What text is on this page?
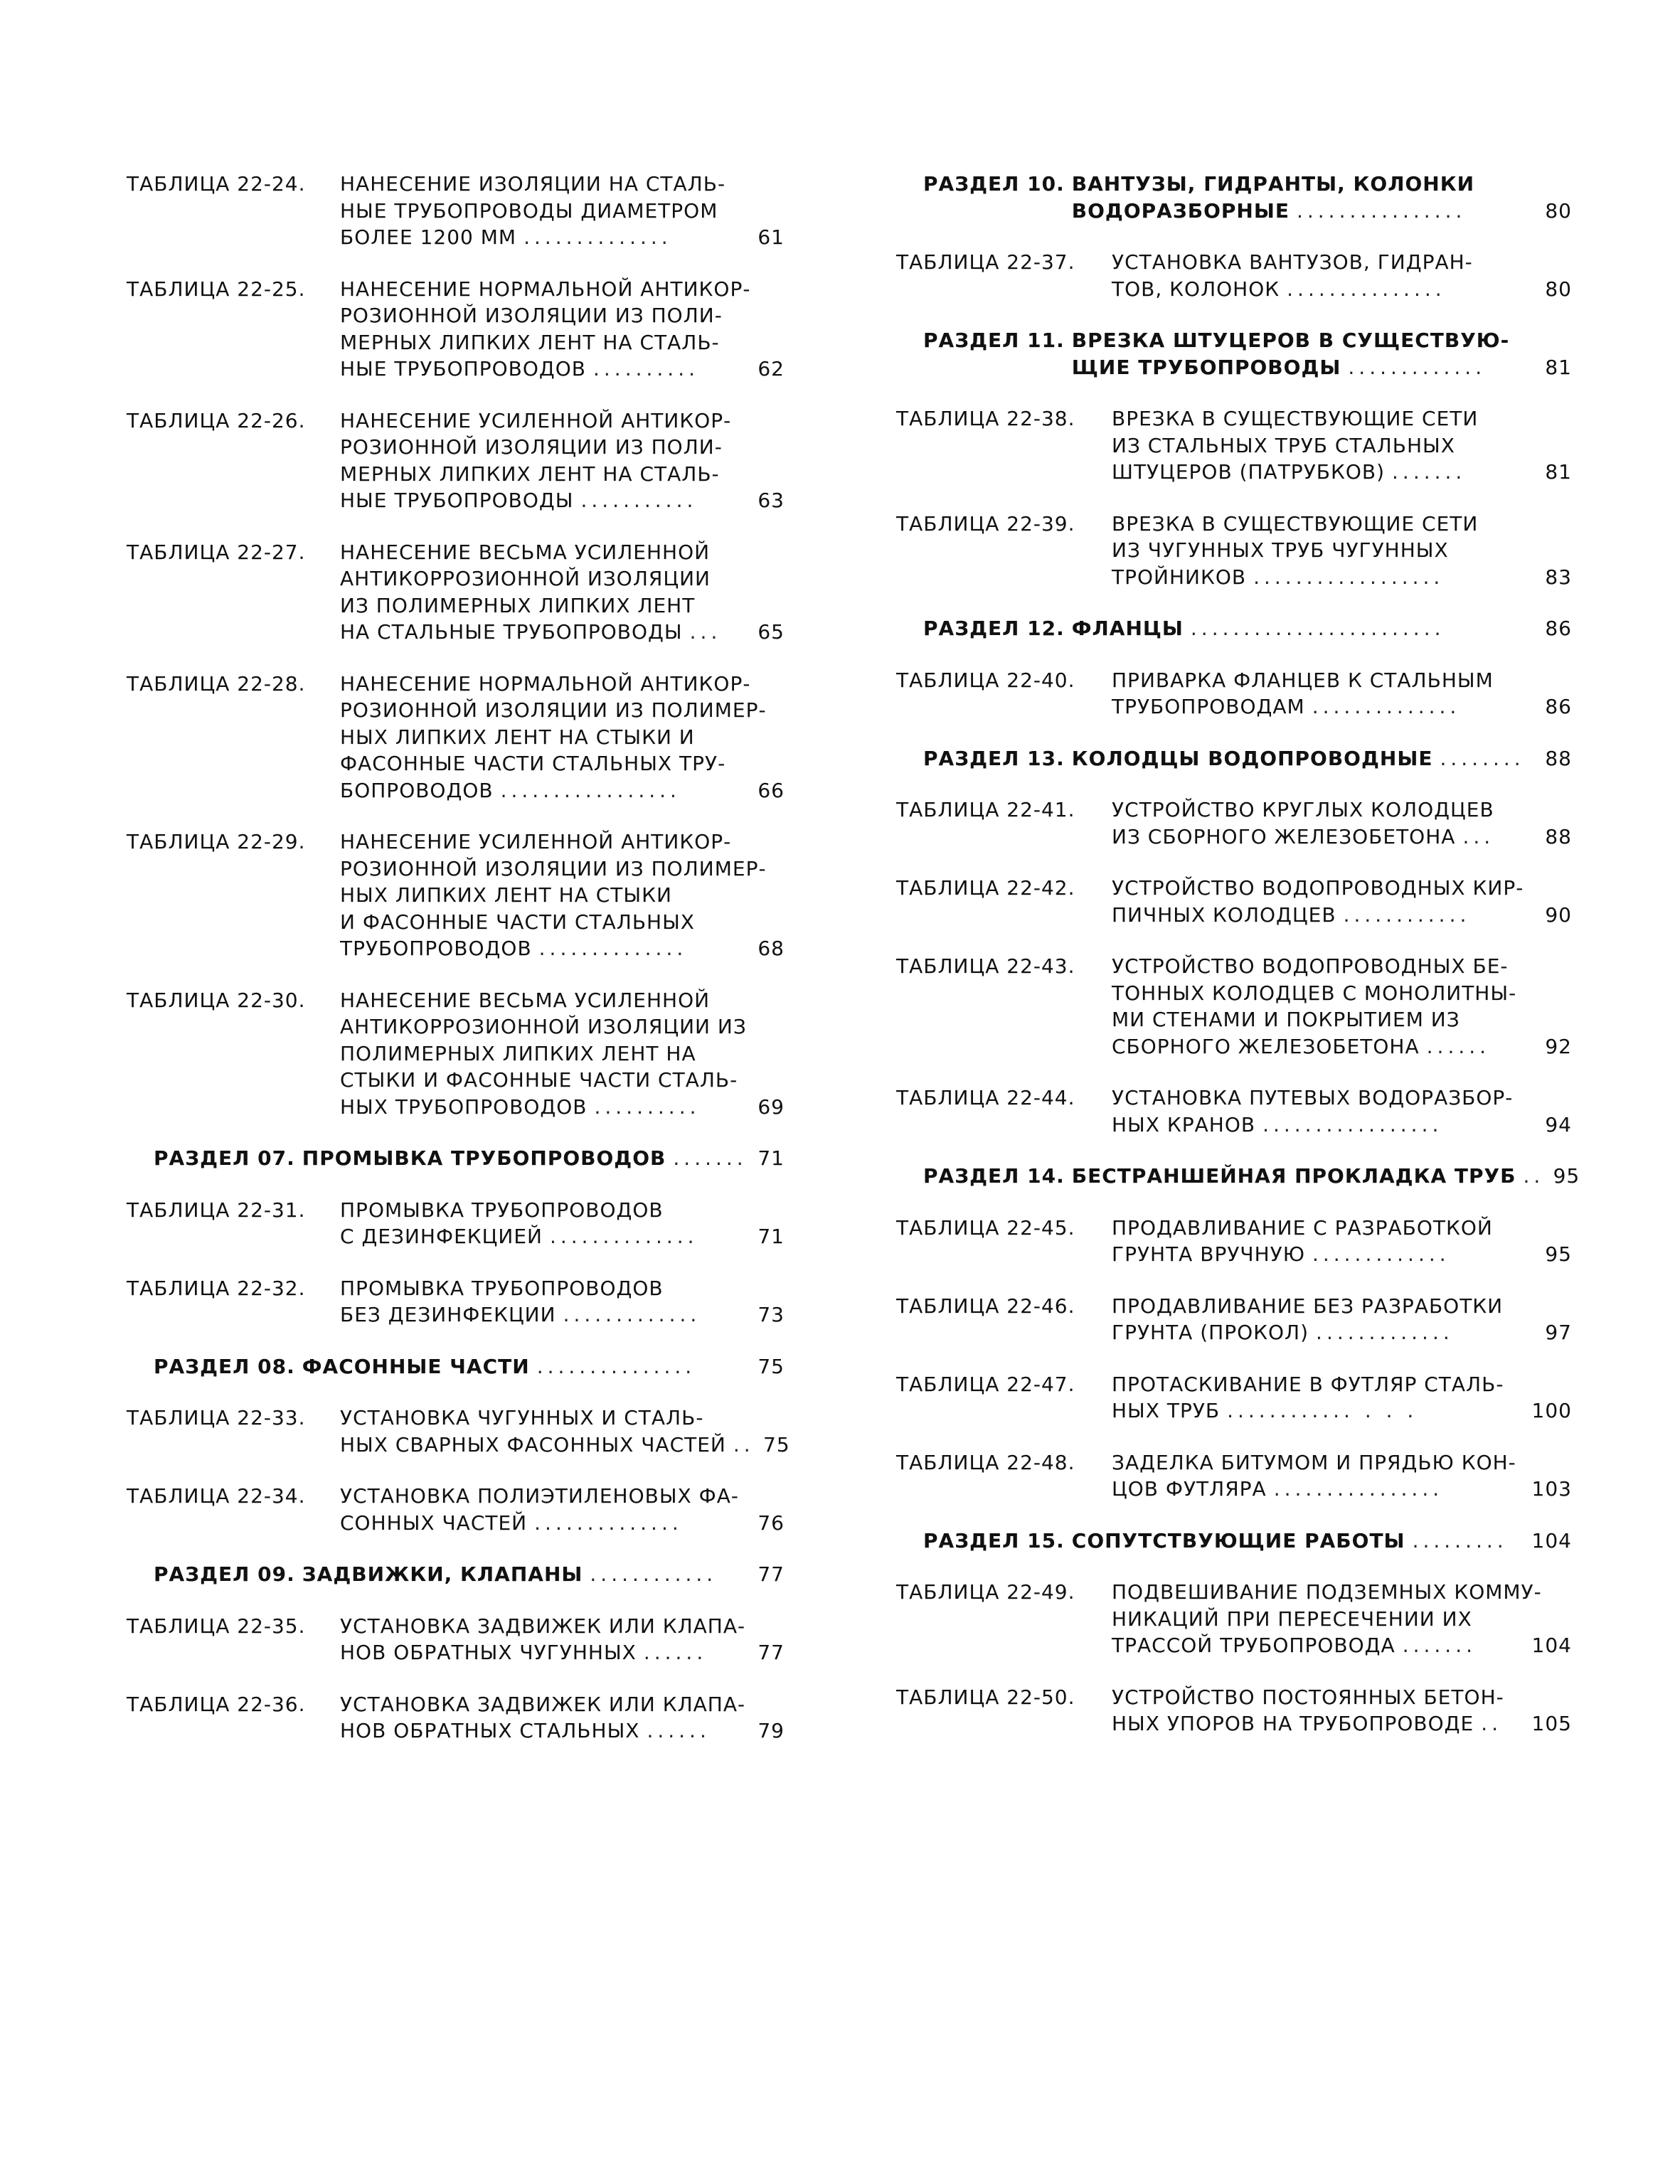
ТАБЛИЦА 22-24.	НАНЕСЕНИЕ ИЗОЛЯЦИИ НА СТАЛЬ-
НЫЕ ТРУБОПРОВОДЫ ДИАМЕТРОМ
БОЛЕЕ 1200 ММ ..............	61
ТАБЛИЦА 22-25.	НАНЕСЕНИЕ НОРМАЛЬНОЙ АНТИКОР-
РОЗИОННОЙ ИЗОЛЯЦИИ ИЗ ПОЛИ-
МЕРНЫХ ЛИПКИХ ЛЕНТ НА СТАЛЬ-
НЫЕ ТРУБОПРОВОДОВ ..........	62
ТАБЛИЦА 22-26.	НАНЕСЕНИЕ УСИЛЕННОЙ АНТИКОР-
РОЗИОННОЙ ИЗОЛЯЦИИ ИЗ ПОЛИ-
МЕРНЫХ ЛИПКИХ ЛЕНТ НА СТАЛЬ-
НЫЕ ТРУБОПРОВОДЫ ...........	63
ТАБЛИЦА 22-27.	НАНЕСЕНИЕ ВЕСЬМА УСИЛЕННОЙ
АНТИКОРРОЗИОННОЙ ИЗОЛЯЦИИ
ИЗ ПОЛИМЕРНЫХ ЛИПКИХ ЛЕНТ
НА СТАЛЬНЫЕ ТРУБОПРОВОДЫ ...	65
ТАБЛИЦА 22-28.	НАНЕСЕНИЕ НОРМАЛЬНОЙ АНТИКОР-
РОЗИОННОЙ ИЗОЛЯЦИИ ИЗ ПОЛИМЕР-
НЫХ ЛИПКИХ ЛЕНТ НА СТЫКИ И
ФАСОННЫЕ ЧАСТИ СТАЛЬНЫХ ТРУ-
БОПРОВОДОВ .................	66
ТАБЛИЦА 22-29.	НАНЕСЕНИЕ УСИЛЕННОЙ АНТИКОР-
РОЗИОННОЙ ИЗОЛЯЦИИ ИЗ ПОЛИМЕР-
НЫХ ЛИПКИХ ЛЕНТ НА СТЫКИ
И ФАСОННЫЕ ЧАСТИ СТАЛЬНЫХ
ТРУБОПРОВОДОВ ..............	68
ТАБЛИЦА 22-30.	НАНЕСЕНИЕ ВЕСЬМА УСИЛЕННОЙ
АНТИКОРРОЗИОННОЙ ИЗОЛЯЦИИ ИЗ
ПОЛИМЕРНЫХ ЛИПКИХ ЛЕНТ НА
СТЫКИ И ФАСОННЫЕ ЧАСТИ СТАЛЬ-
НЫХ ТРУБОПРОВОДОВ ..........	69
РАЗДЕЛ 07. ПРОМЫВКА ТРУБОПРОВОДОВ ....... 71
ТАБЛИЦА 22-31.	ПРОМЫВКА ТРУБОПРОВОДОВ
С ДЕЗИНФЕКЦИЕЙ ..............	71
ТАБЛИЦА 22-32.	ПРОМЫВКА ТРУБОПРОВОДОВ
БЕЗ ДЕЗИНФЕКЦИИ .............	73
РАЗДЕЛ 08. ФАСОННЫЕ ЧАСТИ ...............	75
ТАБЛИЦА 22-33.	УСТАНОВКА ЧУГУННЫХ И СТАЛЬ-
НЫХ СВАРНЫХ ФАСОННЫХ ЧАСТЕЙ .. 75
ТАБЛИЦА 22-34.	УСТАНОВКА ПОЛИЭТИЛЕНОВЫХ ФА-
СОННЫХ ЧАСТЕЙ ..............	76
РАЗДЕЛ 09. ЗАДВИЖКИ, КЛАПАНЫ ............	77
ТАБЛИЦА 22-35.	УСТАНОВКА ЗАДВИЖЕК ИЛИ КЛАПА-
НОВ ОБРАТНЫХ ЧУГУННЫХ ......	77
ТАБЛИЦА 22-36.	УСТАНОВКА ЗАДВИЖЕК ИЛИ КЛАПА-
НОВ ОБРАТНЫХ СТАЛЬНЫХ ......	79
РАЗДЕЛ 10. ВАНТУЗЫ, ГИДРАНТЫ, КОЛОНКИ
ВОДОРАЗБОРНЫЕ ................	80
ТАБЛИЦА 22-37.	УСТАНОВКА ВАНТУЗОВ, ГИДРАН-
ТОВ, КОЛОНОК ...............	80
РАЗДЕЛ 11. ВРЕЗКА ШТУЦЕРОВ В СУЩЕСТВУЮ-
ЩИЕ ТРУБОПРОВОДЫ .............	81
ТАБЛИЦА 22-38.	ВРЕЗКА В СУЩЕСТВУЮЩИЕ СЕТИ
ИЗ СТАЛЬНЫХ ТРУБ СТАЛЬНЫХ
ШТУЦЕРОВ (ПАТРУБКОВ) .......	81
ТАБЛИЦА 22-39.	ВРЕЗКА В СУЩЕСТВУЮЩИЕ СЕТИ
ИЗ ЧУГУННЫХ ТРУБ ЧУГУННЫХ
ТРОЙНИКОВ ..................	83
РАЗДЕЛ 12. ФЛАНЦЫ ........................	86
ТАБЛИЦА 22-40.	ПРИВАРКА ФЛАНЦЕВ К СТАЛЬНЫМ
ТРУБОПРОВОДАМ ..............	86
РАЗДЕЛ 13. КОЛОДЦЫ ВОДОПРОВОДНЫЕ ........	88
ТАБЛИЦА 22-41.	УСТРОЙСТВО КРУГЛЫХ КОЛОДЦЕВ
ИЗ СБОРНОГО ЖЕЛЕЗОБЕТОНА ...	88
ТАБЛИЦА 22-42.	УСТРОЙСТВО ВОДОПРОВОДНЫХ КИР-
ПИЧНЫХ КОЛОДЦЕВ ............	90
ТАБЛИЦА 22-43.	УСТРОЙСТВО ВОДОПРОВОДНЫХ БЕ-
ТОННЫХ КОЛОДЦЕВ С МОНОЛИТНЫ-
МИ СТЕНАМИ И ПОКРЫТИЕМ ИЗ
СБОРНОГО ЖЕЛЕЗОБЕТОНА ......	92
ТАБЛИЦА 22-44.	УСТАНОВКА ПУТЕВЫХ ВОДОРАЗБОР-
НЫХ КРАНОВ .................	94
РАЗДЕЛ 14. БЕСТРАНШЕЙНАЯ ПРОКЛАДКА ТРУБ .. 95
ТАБЛИЦА 22-45.	ПРОДАВЛИВАНИЕ С РАЗРАБОТКОЙ
ГРУНТА ВРУЧНУЮ .............	95
ТАБЛИЦА 22-46.	ПРОДАВЛИВАНИЕ БЕЗ РАЗРАБОТКИ
ГРУНТА (ПРОКОЛ) .............	97
ТАБЛИЦА 22-47.	ПРОТАСКИВАНИЕ В ФУТЛЯР СТАЛЬ-
НЫХ ТРУБ ............ . . .	100
ТАБЛИЦА 22-48.	ЗАДЕЛКА БИТУМОМ И ПРЯДЬЮ КОН-
ЦОВ ФУТЛЯРА ................	103
РАЗДЕЛ 15. СОПУТСТВУЮЩИЕ РАБОТЫ .........	104
ТАБЛИЦА 22-49.	ПОДВЕШИВАНИЕ ПОДЗЕМНЫХ КОММУ-
НИКАЦИЙ ПРИ ПЕРЕСЕЧЕНИИ ИХ
ТРАССОЙ ТРУБОПРОВОДА .......	104
ТАБЛИЦА 22-50.	УСТРОЙСТВО ПОСТОЯННЫХ БЕТОН-
НЫХ УПОРОВ НА ТРУБОПРОВОДЕ ..	105
